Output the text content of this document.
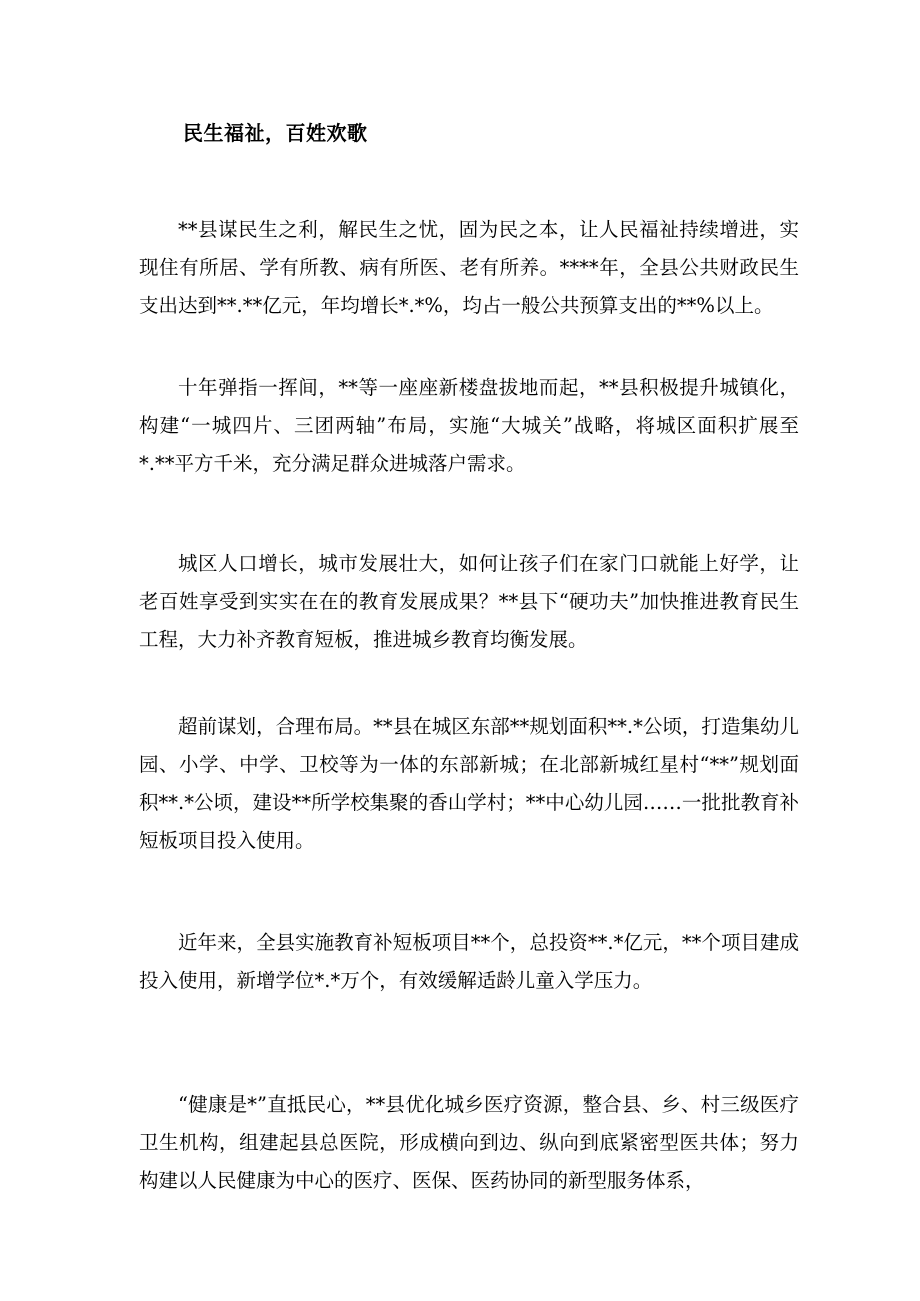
民生福祉，百姓欢歌

**县谋民生之利，解民生之忧，固为民之本，让人民福祉持续增进，实现住有所居、学有所教、病有所医、老有所养。****年，全县公共财政民生支出达到**.**亿元，年均增长*.*%，均占一般公共预算支出的**%以上。

十年弹指一挥间，**等一座座新楼盘拔地而起，**县积极提升城镇化，构建“一城四片、三团两轴”布局，实施“大城关”战略，将城区面积扩展至*.**平方千米，充分满足群众进城落户需求。

城区人口增长，城市发展壮大，如何让孩子们在家门口就能上好学，让老百姓享受到实实在在的教育发展成果？**县下“硬功夫”加快推进教育民生工程，大力补齐教育短板，推进城乡教育均衡发展。

超前谋划，合理布局。**县在城区东部**规划面积**.*公顷，打造集幼儿园、小学、中学、卫校等为一体的东部新城；在北部新城红星村“**”规划面积**.*公顷，建设**所学校集聚的香山学村；**中心幼儿园……一批批教育补短板项目投入使用。

近年来，全县实施教育补短板项目**个，总投资**.*亿元，**个项目建成投入使用，新增学位*.*万个，有效缓解适龄儿童入学压力。

“健康是*”直抵民心，**县优化城乡医疗资源，整合县、乡、村三级医疗卫生机构，组建起县总医院，形成横向到边、纵向到底紧密型医共体；努力构建以人民健康为中心的医疗、医保、医药协同的新型服务体系，
